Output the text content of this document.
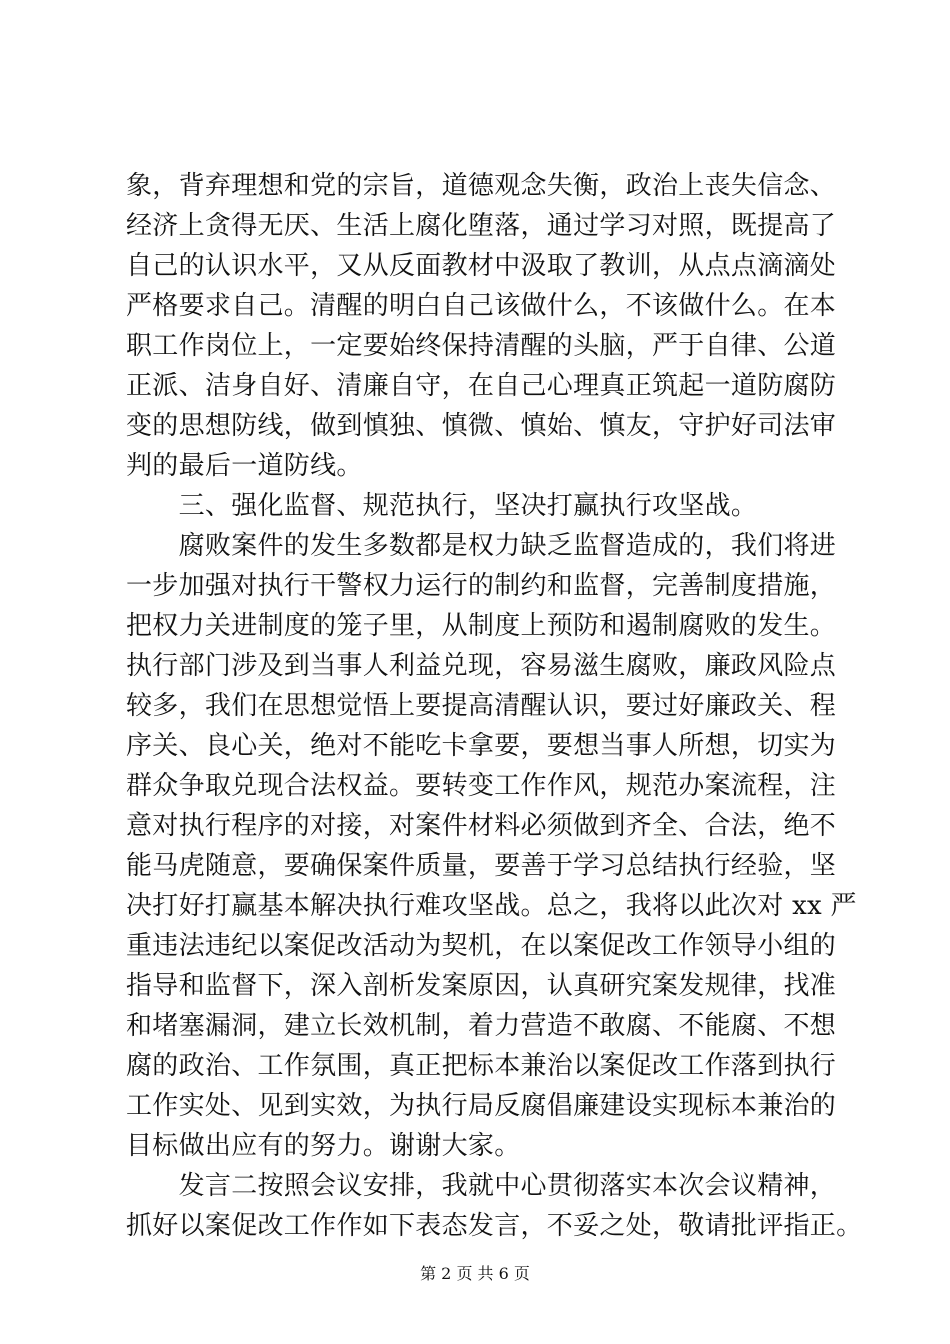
象，背弃理想和党的宗旨，道德观念失衡，政治上丧失信念、
经济上贪得无厌、生活上腐化堕落，通过学习对照，既提高了
自己的认识水平，又从反面教材中汲取了教训，从点点滴滴处
严格要求自己。清醒的明白自己该做什么，不该做什么。在本
职工作岗位上，一定要始终保持清醒的头脑，严于自律、公道
正派、洁身自好、清廉自守，在自己心理真正筑起一道防腐防
变的思想防线，做到慎独、慎微、慎始、慎友，守护好司法审
判的最后一道防线。
　　三、强化监督、规范执行，坚决打赢执行攻坚战。
　　腐败案件的发生多数都是权力缺乏监督造成的，我们将进
一步加强对执行干警权力运行的制约和监督，完善制度措施，
把权力关进制度的笼子里，从制度上预防和遏制腐败的发生。
执行部门涉及到当事人利益兑现，容易滋生腐败，廉政风险点
较多，我们在思想觉悟上要提高清醒认识，要过好廉政关、程
序关、良心关，绝对不能吃卡拿要，要想当事人所想，切实为
群众争取兑现合法权益。要转变工作作风，规范办案流程，注
意对执行程序的对接，对案件材料必须做到齐全、合法，绝不
能马虎随意，要确保案件质量，要善于学习总结执行经验，坚
决打好打赢基本解决执行难攻坚战。总之，我将以此次对 xx 严
重违法违纪以案促改活动为契机，在以案促改工作领导小组的
指导和监督下，深入剖析发案原因，认真研究案发规律，找准
和堵塞漏洞，建立长效机制，着力营造不敢腐、不能腐、不想
腐的政治、工作氛围，真正把标本兼治以案促改工作落到执行
工作实处、见到实效，为执行局反腐倡廉建设实现标本兼治的
目标做出应有的努力。谢谢大家。
　　发言二按照会议安排，我就中心贯彻落实本次会议精神，
抓好以案促改工作作如下表态发言，不妥之处，敬请批评指正。
第 2 页 共 6 页
